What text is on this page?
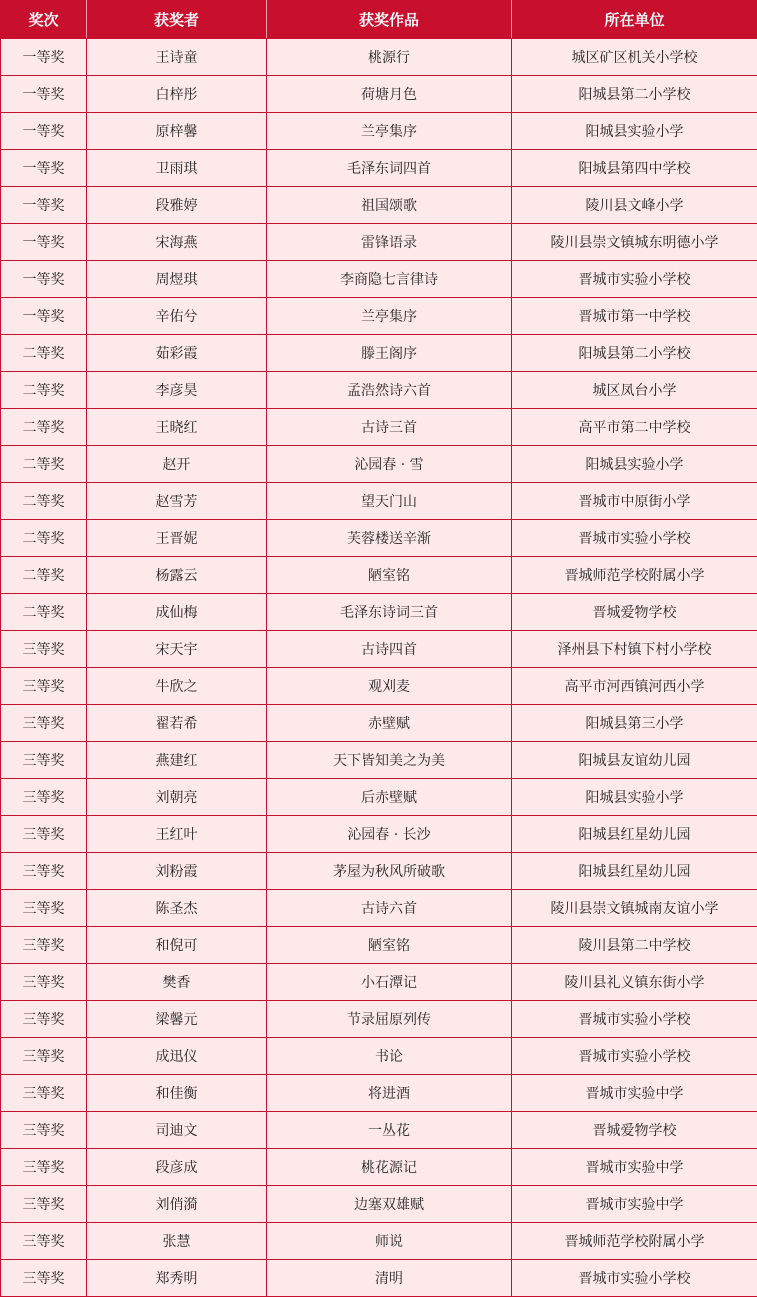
奖次	获奖者	获奖作品	所在单位
一等奖	王诗童	桃源行	城区矿区机关小学校
一等奖	白梓彤	荷塘月色	阳城县第二小学校
一等奖	原梓馨	兰亭集序	阳城县实验小学
一等奖	卫雨琪	毛泽东词四首	阳城县第四中学校
一等奖	段雅婷	祖国颂歌	陵川县文峰小学
一等奖	宋海燕	雷锋语录	陵川县崇文镇城东明德小学
一等奖	周煜琪	李商隐七言律诗	晋城市实验小学校
一等奖	辛佑兮	兰亭集序	晋城市第一中学校
二等奖	茹彩霞	滕王阁序	阳城县第二小学校
二等奖	李彦昊	孟浩然诗六首	城区凤台小学
二等奖	王晓红	古诗三首	高平市第二中学校
二等奖	赵开	沁园春 · 雪	阳城县实验小学
二等奖	赵雪芳	望天门山	晋城市中原街小学
二等奖	王晋妮	芙蓉楼送辛渐	晋城市实验小学校
二等奖	杨露云	陋室铭	晋城师范学校附属小学
二等奖	成仙梅	毛泽东诗词三首	晋城爱物学校
三等奖	宋天宇	古诗四首	泽州县下村镇下村小学校
三等奖	牛欣之	观刈麦	高平市河西镇河西小学
三等奖	翟若希	赤壁赋	阳城县第三小学
三等奖	燕建红	天下皆知美之为美	阳城县友谊幼儿园
三等奖	刘朝亮	后赤壁赋	阳城县实验小学
三等奖	王红叶	沁园春 · 长沙	阳城县红星幼儿园
三等奖	刘粉霞	茅屋为秋风所破歌	阳城县红星幼儿园
三等奖	陈圣杰	古诗六首	陵川县崇文镇城南友谊小学
三等奖	和倪可	陋室铭	陵川县第二中学校
三等奖	樊香	小石潭记	陵川县礼义镇东街小学
三等奖	梁馨元	节录屈原列传	晋城市实验小学校
三等奖	成迅仪	书论	晋城市实验小学校
三等奖	和佳衡	将进酒	晋城市实验中学
三等奖	司迪文	一丛花	晋城爱物学校
三等奖	段彦成	桃花源记	晋城市实验中学
三等奖	刘俏漪	边塞双雄赋	晋城市实验中学
三等奖	张慧	师说	晋城师范学校附属小学
三等奖	郑秀明	清明	晋城市实验小学校
